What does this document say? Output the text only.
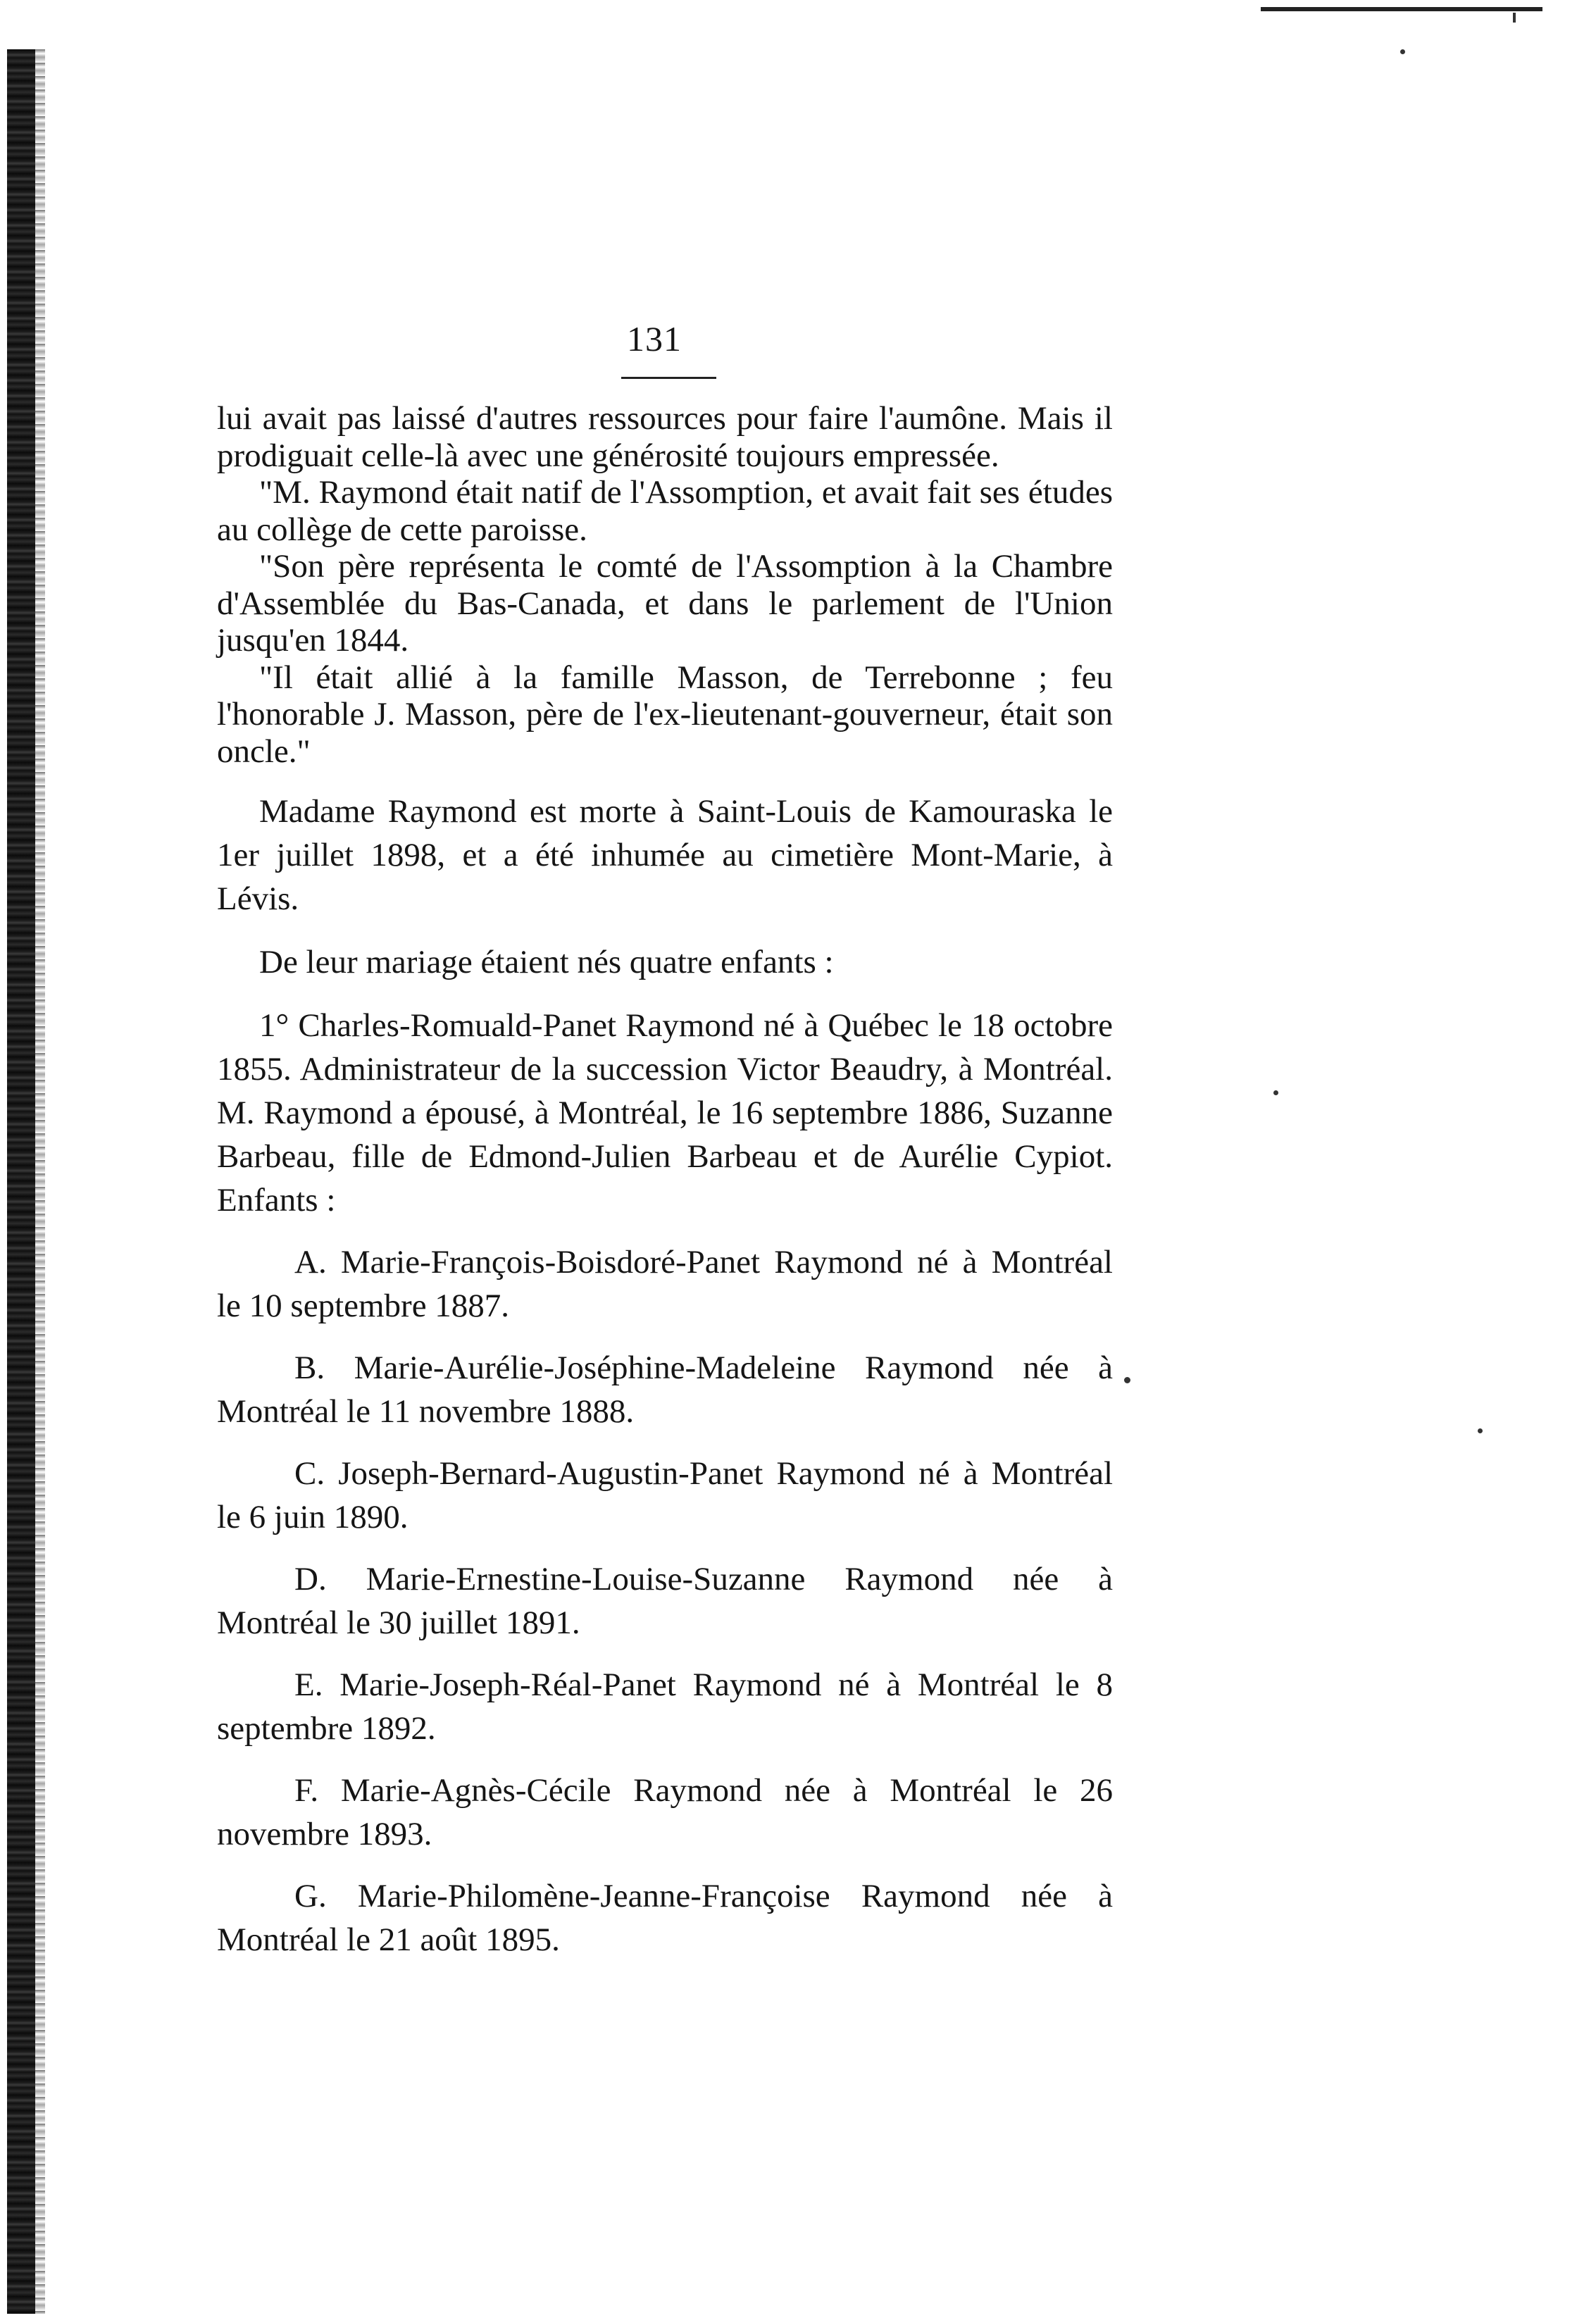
131

lui avait pas laissé d'autres ressources pour faire l'aumône. Mais il prodiguait celle-là avec une générosité toujours empressée.

"M. Raymond était natif de l'Assomption, et avait fait ses études au collège de cette paroisse.

"Son père représenta le comté de l'Assomption à la Chambre d'Assemblée du Bas-Canada, et dans le parlement de l'Union jusqu'en 1844.

"Il était allié à la famille Masson, de Terrebonne ; feu l'honorable J. Masson, père de l'ex-lieutenant-gouverneur, était son oncle."

Madame Raymond est morte à Saint-Louis de Kamouraska le 1er juillet 1898, et a été inhumée au cimetière Mont-Marie, à Lévis.

De leur mariage étaient nés quatre enfants :

1° Charles-Romuald-Panet Raymond né à Québec le 18 octobre 1855. Administrateur de la succession Victor Beaudry, à Montréal. M. Raymond a épousé, à Montréal, le 16 septembre 1886, Suzanne Barbeau, fille de Edmond-Julien Barbeau et de Aurélie Cypiot. Enfants :

A. Marie-François-Boisdoré-Panet Raymond né à Montréal le 10 septembre 1887.

B. Marie-Aurélie-Joséphine-Madeleine Raymond née à Montréal le 11 novembre 1888.

C. Joseph-Bernard-Augustin-Panet Raymond né à Montréal le 6 juin 1890.

D. Marie-Ernestine-Louise-Suzanne Raymond née à Montréal le 30 juillet 1891.

E. Marie-Joseph-Réal-Panet Raymond né à Montréal le 8 septembre 1892.

F. Marie-Agnès-Cécile Raymond née à Montréal le 26 novembre 1893.

G. Marie-Philomène-Jeanne-Françoise Raymond née à Montréal le 21 août 1895.
